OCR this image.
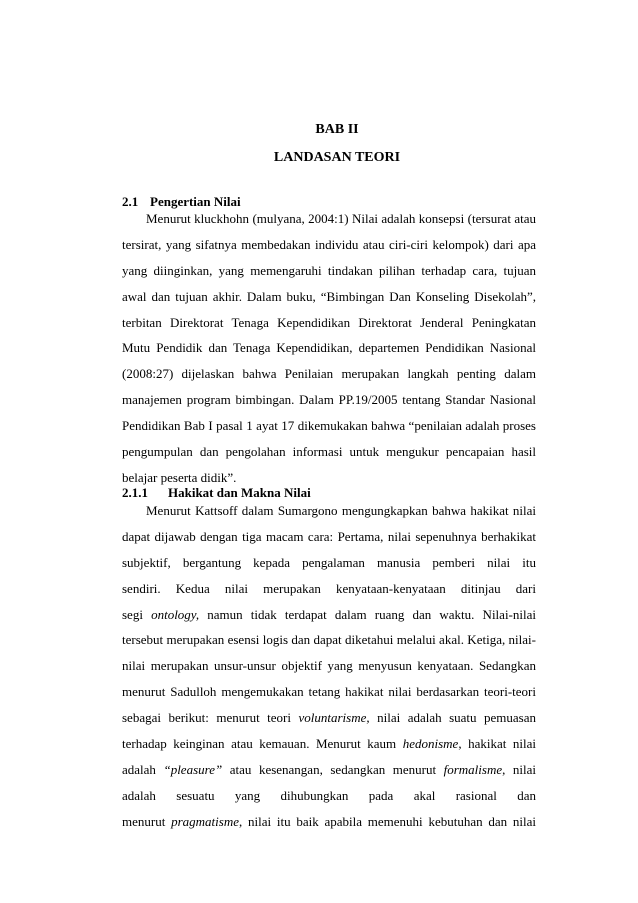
BAB II
LANDASAN TEORI
2.1 Pengertian Nilai

Menurut kluckhohn (mulyana, 2004:1) Nilai adalah konsepsi (tersurat atau
tersirat, yang sifatnya membedakan individu atau ciri-ciri kelompok) dari apa
yang diinginkan, yang memengaruhi tindakan pilihan terhadap cara, tujuan
awal dan tujuan akhir. Dalam buku, “Bimbingan Dan Konseling Disekolah”,
terbitan Direktorat Tenaga Kependidikan Direktorat Jenderal Peningkatan
Mutu Pendidik dan Tenaga Kependidikan, departemen Pendidikan Nasional
(2008:27) dijelaskan bahwa Penilaian merupakan langkah penting dalam
manajemen program bimbingan. Dalam PP.19/2005 tentang Standar Nasional
Pendidikan Bab I pasal 1 ayat 17 dikemukakan bahwa “penilaian adalah proses
pengumpulan dan pengolahan informasi untuk mengukur pencapaian hasil
belajar peserta didik”.

2.1.1 Hakikat dan Makna Nilai

Menurut Kattsoff dalam Sumargono mengungkapkan bahwa hakikat nilai
dapat dijawab dengan tiga macam cara: Pertama, nilai sepenuhnya berhakikat
subjektif, bergantung kepada pengalaman manusia pemberi nilai itu
sendiri. Kedua nilai merupakan kenyataan-kenyataan ditinjau dari
segi ontology, namun tidak terdapat dalam ruang dan waktu. Nilai-nilai
tersebut merupakan esensi logis dan dapat diketahui melalui akal. Ketiga, nilai-
nilai merupakan unsur-unsur objektif yang menyusun kenyataan. Sedangkan
menurut Sadulloh mengemukakan tetang hakikat nilai berdasarkan teori-teori
sebagai berikut: menurut teori voluntarisme, nilai adalah suatu pemuasan
terhadap keinginan atau kemauan. Menurut kaum hedonisme, hakikat nilai
adalah “pleasure” atau kesenangan, sedangkan menurut formalisme, nilai
adalah sesuatu yang dihubungkan pada akal rasional dan
menurut pragmatisme, nilai itu baik apabila memenuhi kebutuhan dan nilai
